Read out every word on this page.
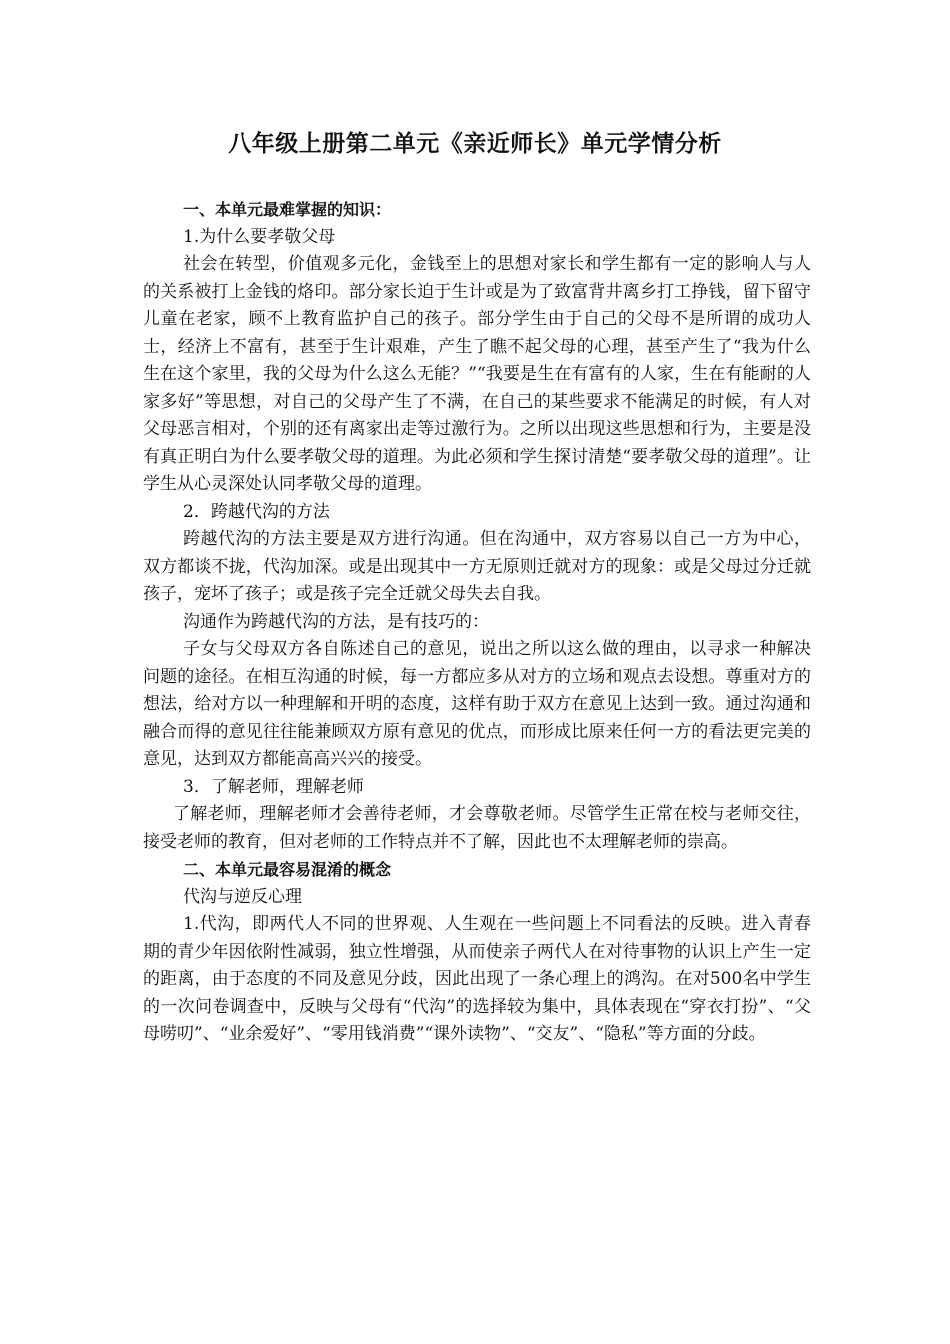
八年级上册第二单元《亲近师长》单元学情分析
一、本单元最难掌握的知识：

1.为什么要孝敬父母

社会在转型，价值观多元化，金钱至上的思想对家长和学生都有一定的影响人与人的关系被打上金钱的烙印。部分家长迫于生计或是为了致富背井离乡打工挣钱，留下留守儿童在老家，顾不上教育监护自己的孩子。部分学生由于自己的父母不是所谓的成功人士，经济上不富有，甚至于生计艰难，产生了瞧不起父母的心理，甚至产生了“我为什么生在这个家里，我的父母为什么这么无能？”“我要是生在有富有的人家，生在有能耐的人家多好”等思想，对自己的父母产生了不满，在自己的某些要求不能满足的时候，有人对父母恶言相对，个别的还有离家出走等过激行为。之所以出现这些思想和行为，主要是没有真正明白为什么要孝敬父母的道理。为此必须和学生探讨清楚“要孝敬父母的道理”。让学生从心灵深处认同孝敬父母的道理。

2．跨越代沟的方法

跨越代沟的方法主要是双方进行沟通。但在沟通中，双方容易以自己一方为中心，双方都谈不拢，代沟加深。或是出现其中一方无原则迁就对方的现象：或是父母过分迁就孩子，宠坏了孩子；或是孩子完全迁就父母失去自我。

沟通作为跨越代沟的方法，是有技巧的：

子女与父母双方各自陈述自己的意见，说出之所以这么做的理由，以寻求一种解决问题的途径。在相互沟通的时候，每一方都应多从对方的立场和观点去设想。尊重对方的想法，给对方以一种理解和开明的态度，这样有助于双方在意见上达到一致。通过沟通和融合而得的意见往往能兼顾双方原有意见的优点，而形成比原来任何一方的看法更完美的意见，达到双方都能高高兴兴的接受。

3．了解老师，理解老师

了解老师，理解老师才会善待老师，才会尊敬老师。尽管学生正常在校与老师交往，接受老师的教育，但对老师的工作特点并不了解，因此也不太理解老师的崇高。

二、本单元最容易混淆的概念

代沟与逆反心理

1.代沟，即两代人不同的世界观、人生观在一些问题上不同看法的反映。进入青春期的青少年因依附性减弱，独立性增强，从而使亲子两代人在对待事物的认识上产生一定的距离，由于态度的不同及意见分歧，因此出现了一条心理上的鸿沟。在对500名中学生的一次问卷调查中，反映与父母有“代沟”的选择较为集中，具体表现在“穿衣打扮”、“父母唠叨”、“业余爱好”、“零用钱消费”“课外读物”、“交友”、“隐私”等方面的分歧。
